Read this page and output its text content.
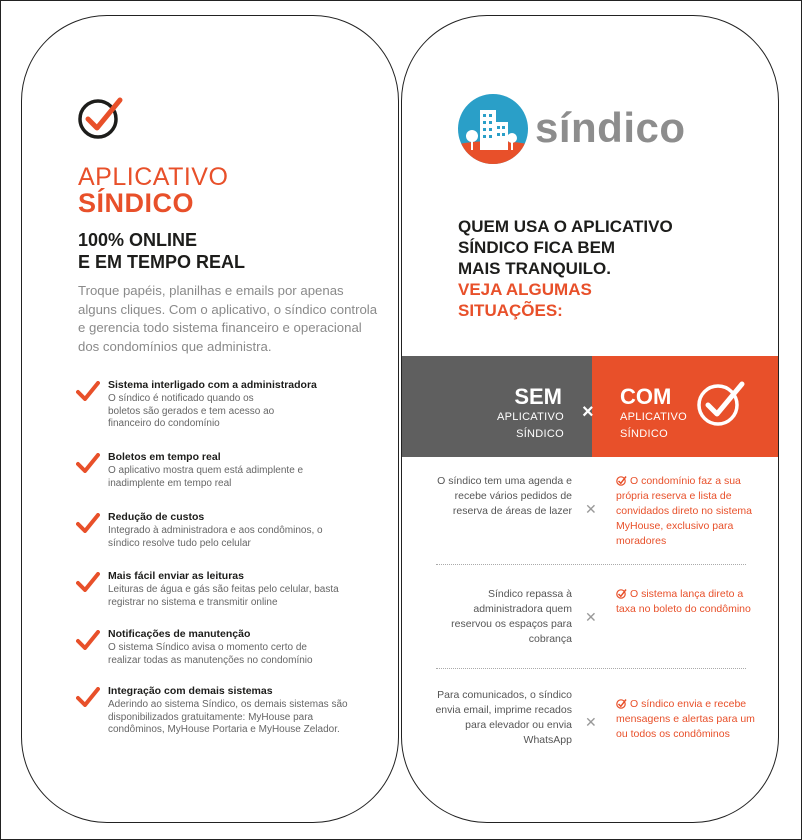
APLICATIVO
SÍNDICO
100% ONLINE
E EM TEMPO REAL
Troque papéis, planilhas e emails por apenas alguns cliques. Com o aplicativo, o síndico controla e gerencia todo sistema financeiro e operacional dos condomínios que administra.
Sistema interligado com a administradora
O síndico é notificado quando os boletos são gerados e tem acesso ao financeiro do condomínio
Boletos em tempo real
O aplicativo mostra quem está adimplente e inadimplente em tempo real
Redução de custos
Integrado à administradora e aos condôminos, o síndico resolve tudo pelo celular
Mais fácil enviar as leituras
Leituras de água e gás são feitas pelo celular, basta registrar no sistema e transmitir online
Notificações de manutenção
O sistema Síndico avisa o momento certo de realizar todas as manutenções no condomínio
Integração com demais sistemas
Aderindo ao sistema Síndico, os demais sistemas são disponibilizados gratuitamente: MyHouse para condôminos, MyHouse Portaria e MyHouse Zelador.
síndico
QUEM USA O APLICATIVO
SÍNDICO FICA BEM
MAIS TRANQUILO.
VEJA ALGUMAS
SITUAÇÕES:
SEM
APLICATIVO
SÍNDICO
×
COM
APLICATIVO
SÍNDICO
O síndico tem uma agenda e recebe vários pedidos de reserva de áreas de lazer ✕
O condomínio faz a sua própria reserva e lista de convidados direto no sistema MyHouse, exclusivo para moradores
Síndico repassa à administradora quem reservou os espaços para cobrança
✕
O sistema lança direto a taxa no boleto do condômino
Para comunicados, o síndico envia email, imprime recados para elevador ou envia WhatsApp
✕
O síndico envia e recebe mensagens e alertas para um ou todos os condôminos
